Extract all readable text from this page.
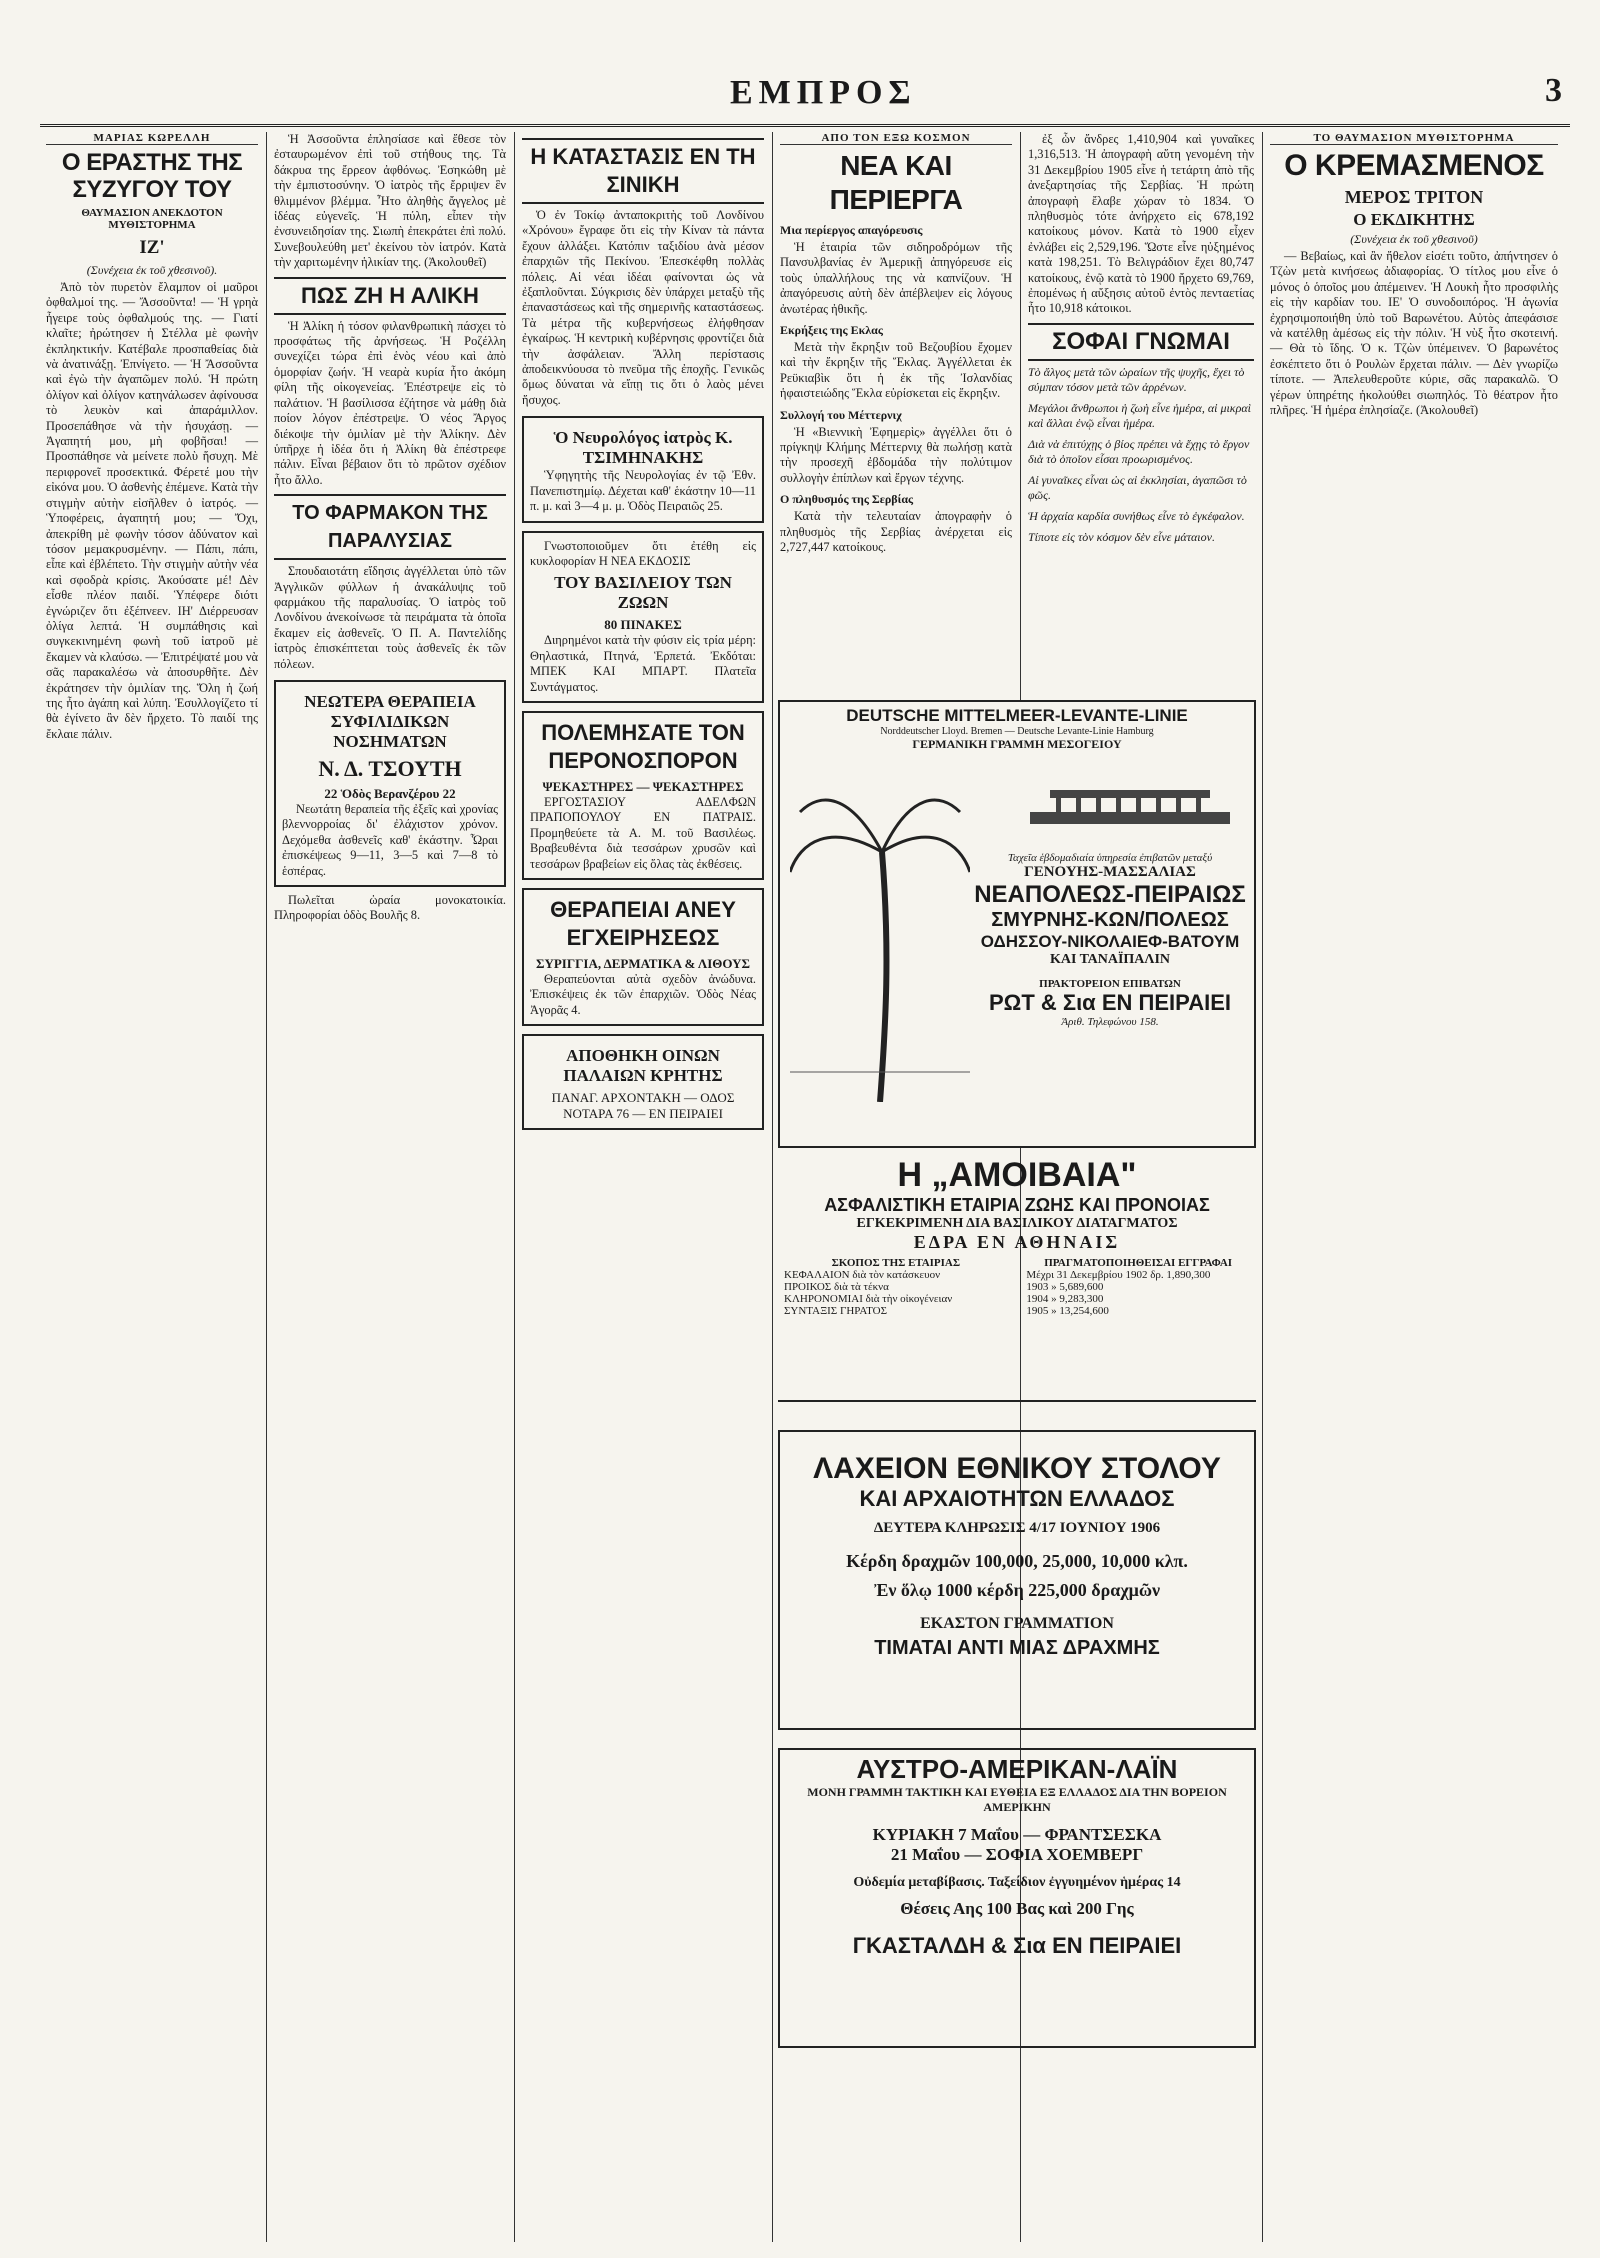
ΕΜΠΡΟΣ	3
ΜΑΡΙΑΣ ΚΩΡΕΛΛΗ
Ο ΕΡΑΣΤΗΣ ΤΗΣ ΣΥΖΥΓΟΥ ΤΟΥ
ΘΑΥΜΑΣΙΟΝ ΑΝΕΚΔΟΤΟΝ ΜΥΘΙΣΤΟΡΗΜΑ
ΙΖ'
(Συνέχεια ἐκ τοῦ χθεσινοῦ).

Ἀπὸ τὸν πυρετὸν ἔλαμπον οἱ μαῦροι ὀφθαλμοί της. — Ἄσσοῦντα! — Ἡ γρηὰ ἦγειρε τοὺς ὀφθαλμούς της. — Γιατί κλαῖτε; ἠρώτησεν ἡ Στέλλα μὲ φωνὴν ἐκπληκτικήν. Κατέβαλε προσπαθείας διὰ νὰ ἀνατινάξῃ. Ἐπνίγετο. — Ἡ Ἄσσοῦντα καὶ ἐγὼ τὴν ἀγαπῶμεν πολύ. Ἡ πρώτη ὀλίγον καὶ ὀλίγον κατηνάλωσεν ἀφίνουσα τὸ λευκὸν καὶ ἀπαράμιλλον. Προσεπάθησε νὰ τὴν ἡσυχάσῃ. — Ἀγαπητή μου, μὴ φοβῆσαι! — Προσπάθησε νὰ μείνετε πολὺ ἥσυχη. Μὲ περιφρονεῖ προσεκτικά. Φέρετέ μου τὴν εἰκόνα μου. Ὁ ἀσθενὴς ἐπέμενε. Κατὰ τὴν στιγμὴν αὐτὴν εἰσῆλθεν ὁ ἰατρός. — Ὑποφέρεις, ἀγαπητή μου; — Ὄχι, ἀπεκρίθη μὲ φωνὴν τόσον ἀδύνατον καὶ τόσον μεμακρυσμένην. — Πάπι, πάπι, εἶπε καὶ ἐβλέπετο. Τὴν στιγμὴν αὐτὴν νέα καὶ σφοδρὰ κρίσις. Ἀκούσατε μέ! Δὲν εἶσθε πλέον παιδί. Ὑπέφερε διότι ἐγνώριζεν ὅτι ἐξέπνεεν. ΙΗ' Διέρρευσαν ὀλίγα λεπτά. Ἡ συμπάθησις καὶ συγκεκινημένη φωνὴ τοῦ ἰατροῦ μὲ ἔκαμεν νὰ κλαύσω. — Ἐπιτρέψατέ μου νὰ σᾶς παρακαλέσω νὰ ἀποσυρθῆτε. Δὲν ἐκράτησεν τὴν ὁμιλίαν της. Ὅλη ἡ ζωή της ἦτο ἀγάπη καὶ λύπη. Ἐσυλλογίζετο τί θὰ ἐγίνετο ἂν δὲν ἤρχετο. Τὸ παιδί της ἔκλαιε πάλιν.

Ἡ Ἀσσοῦντα ἐπλησίασε καὶ ἔθεσε τὸν ἐσταυρωμένον ἐπὶ τοῦ στήθους της. Τὰ δάκρυα της ἔρρεον ἀφθόνως. Ἐσηκώθη μὲ τὴν ἐμπιστοσύνην. Ὁ ἰατρὸς τῆς ἔρριψεν ἓν θλιμμένον βλέμμα. Ἦτο ἀληθὴς ἄγγελος μὲ ἰδέας εὐγενεῖς. Ἡ πύλη, εἶπεν τὴν ἐνσυνειδησίαν της. Σιωπὴ ἐπεκράτει ἐπὶ πολύ. Συνεβουλεύθη μετ' ἐκείνου τὸν ἰατρόν. Κατὰ τὴν χαριτωμένην ἡλικίαν της. (Ἀκολουθεῖ)

ΠΩΣ ΖΗ Η ΑΛΙΚΗ

Ἡ Ἀλίκη ἡ τόσον φιλανθρωπικὴ πάσχει τὸ προσφάτως τῆς ἀρνήσεως. Ἡ Ροζέλλη συνεχίζει τώρα ἐπὶ ἑνὸς νέου καὶ ἀπὸ ὁμορφίαν ζωήν. Ἡ νεαρὰ κυρία ἦτο ἀκόμη φίλη τῆς οἰκογενείας. Ἐπέστρεψε εἰς τὸ παλάτιον. Ἡ βασίλισσα ἐζήτησε νὰ μάθῃ διὰ ποίον λόγον ἐπέστρεψε. Ὁ νέος Ἄργος διέκοψε τὴν ὁμιλίαν μὲ τὴν Ἀλίκην. Δὲν ὑπῆρχε ἡ ἰδέα ὅτι ἡ Ἀλίκη θὰ ἐπέστρεφε πάλιν. Εἶναι βέβαιον ὅτι τὸ πρῶτον σχέδιον ἦτο ἄλλο.

ΤΟ ΦΑΡΜΑΚΟΝ ΤΗΣ ΠΑΡΑΛΥΣΙΑΣ

Σπουδαιοτάτη εἴδησις ἀγγέλλεται ὑπὸ τῶν Ἀγγλικῶν φύλλων ἡ ἀνακάλυψις τοῦ φαρμάκου τῆς παραλυσίας. Ὁ ἰατρὸς τοῦ Λονδίνου ἀνεκοίνωσε τὰ πειράματα τὰ ὁποῖα ἔκαμεν εἰς ἀσθενεῖς. Ὁ Π. Α. Παντελίδης ἰατρὸς ἐπισκέπτεται τοὺς ἀσθενεῖς ἐκ τῶν πόλεων.

ΝΕΩΤΕΡΑ ΘΕΡΑΠΕΙΑ ΣΥΦΙΛΙΔΙΚΩΝ ΝΟΣΗΜΑΤΩΝ
Ν. Δ. ΤΣΟΥΤΗ
22 Ὁδὸς Βερανζέρου 22

Νεωτάτη θεραπεία τῆς ἐξεῖς καὶ χρονίας βλεννορροίας δι' ἐλάχιστον χρόνον. Δεχόμεθα ἀσθενεῖς καθ' ἑκάστην. Ὧραι ἐπισκέψεως 9—11, 3—5 καὶ 7—8 τὸ ἑσπέρας.

Πωλεῖται ὡραία μονοκατοικία. Πληροφορίαι ὁδὸς Βουλῆς 8.

Η ΚΑΤΑΣΤΑΣΙΣ ΕΝ ΤΗ ΣΙΝΙΚΗ

Ὁ ἐν Τοκίῳ ἀνταποκριτὴς τοῦ Λονδίνου «Χρόνου» ἔγραφε ὅτι εἰς τὴν Κίναν τὰ πάντα ἔχουν ἀλλάξει. Κατόπιν ταξιδίου ἀνὰ μέσον ἐπαρχιῶν τῆς Πεκίνου. Ἐπεσκέφθη πολλὰς πόλεις. Αἱ νέαι ἰδέαι φαίνονται ὡς νὰ ἐξαπλοῦνται. Σύγκρισις δὲν ὑπάρχει μεταξὺ τῆς ἐπαναστάσεως καὶ τῆς σημερινῆς καταστάσεως. Τὰ μέτρα τῆς κυβερνήσεως ἐλήφθησαν ἐγκαίρως. Ἡ κεντρικὴ κυβέρνησις φροντίζει διὰ τὴν ἀσφάλειαν. Ἄλλη περίστασις ἀποδεικνύουσα τὸ πνεῦμα τῆς ἐποχῆς. Γενικῶς ὅμως δύναται νὰ εἴπῃ τις ὅτι ὁ λαὸς μένει ἥσυχος.

Ὁ Νευρολόγος ἰατρὸς Κ. ΤΣΙΜΗΝΑΚΗΣ

Ὑφηγητὴς τῆς Νευρολογίας ἐν τῷ Ἐθν. Πανεπιστημίῳ. Δέχεται καθ' ἑκάστην 10—11 π. μ. καὶ 3—4 μ. μ. Ὁδὸς Πειραιῶς 25.

Γνωστοποιοῦμεν ὅτι ἐτέθη εἰς κυκλοφορίαν Η ΝΕΑ ΕΚΔΟΣΙΣ

ΤΟΥ ΒΑΣΙΛΕΙΟΥ ΤΩΝ ΖΩΩΝ
80 ΠΙΝΑΚΕΣ

Διηρημένοι κατὰ τὴν φύσιν εἰς τρία μέρη: Θηλαστικά, Πτηνά, Ἑρπετά. Ἐκδόται: ΜΠΕΚ ΚΑΙ ΜΠΑΡΤ. Πλατεῖα Συντάγματος.

ΠΟΛΕΜΗΣΑΤΕ ΤΟΝ ΠΕΡΟΝΟΣΠΟΡΟΝ
ΨΕΚΑΣΤΗΡΕΣ — ΨΕΚΑΣΤΗΡΕΣ

ΕΡΓΟΣΤΑΣΙΟΥ ΑΔΕΛΦΩΝ ΠΡΑΠΟΠΟΥΛΟΥ ΕΝ ΠΑΤΡΑΙΣ. Προμηθεύετε τὰ Α. Μ. τοῦ Βασιλέως. Βραβευθέντα διὰ τεσσάρων χρυσῶν καὶ τεσσάρων βραβείων εἰς ὅλας τὰς ἐκθέσεις.

ΘΕΡΑΠΕΙΑΙ ΑΝΕΥ ΕΓΧΕΙΡΗΣΕΩΣ
ΣΥΡΙΓΓΙΑ, ΔΕΡΜΑΤΙΚΑ & ΛΙΘΟΥΣ

Θεραπεύονται αὐτὰ σχεδὸν ἀνώδυνα. Ἐπισκέψεις ἐκ τῶν ἐπαρχιῶν. Ὁδὸς Νέας Ἀγορᾶς 4.

ΑΠΟΘΗΚΗ ΟΙΝΩΝ ΠΑΛΑΙΩΝ ΚΡΗΤΗΣ
ΠΑΝΑΓ. ΑΡΧΟΝΤΑΚΗ — ΟΔΟΣ ΝΟΤΑΡΑ 76 — ΕΝ ΠΕΙΡΑΙΕΙ
ΑΠΟ ΤΟΝ ΕΞΩ ΚΟΣΜΟΝ
ΝΕΑ ΚΑΙ ΠΕΡΙΕΡΓΑ
Μια περίεργος απαγόρευσις

Ἡ ἑταιρία τῶν σιδηροδρόμων τῆς Πανσυλβανίας ἐν Ἀμερικῇ ἀπηγόρευσε εἰς τοὺς ὑπαλλήλους της νὰ καπνίζουν. Ἡ ἀπαγόρευσις αὐτὴ δὲν ἀπέβλεψεν εἰς λόγους ἀνωτέρας ἠθικῆς.

Εκρήξεις της Εκλας

Μετὰ τὴν ἔκρηξιν τοῦ Βεζουβίου ἔχομεν καὶ τὴν ἔκρηξιν τῆς Ἕκλας. Ἀγγέλλεται ἐκ Ρεϋκιαβὶκ ὅτι ἡ ἐκ τῆς Ἰσλανδίας ἡφαιστειώδης Ἕκλα εὑρίσκεται εἰς ἔκρηξιν.

Συλλογή του Μέττερνιχ

Ἡ «Βιεννικὴ Ἐφημερὶς» ἀγγέλλει ὅτι ὁ πρίγκηψ Κλήμης Μέττερνιχ θὰ πωλήσῃ κατὰ τὴν προσεχῆ ἐβδομάδα τὴν πολύτιμον συλλογὴν ἐπίπλων καὶ ἔργων τέχνης.

Ο πληθυσμός της Σερβίας

Κατὰ τὴν τελευταίαν ἀπογραφὴν ὁ πληθυσμὸς τῆς Σερβίας ἀνέρχεται εἰς 2,727,447 κατοίκους.

ἐξ ὧν ἄνδρες 1,410,904 καὶ γυναῖκες 1,316,513. Ἡ ἀπογραφὴ αὕτη γενομένη τὴν 31 Δεκεμβρίου 1905 εἶνε ἡ τετάρτη ἀπὸ τῆς ἀνεξαρτησίας τῆς Σερβίας. Ἡ πρώτη ἀπογραφὴ ἔλαβε χώραν τὸ 1834. Ὁ πληθυσμὸς τότε ἀνήρχετο εἰς 678,192 κατοίκους μόνον. Κατὰ τὸ 1900 εἶχεν ἐνλάβει εἰς 2,529,196. Ὥστε εἶνε ηὐξημένος κατὰ 198,251. Τὸ Βελιγράδιον ἔχει 80,747 κατοίκους, ἐνῷ κατὰ τὸ 1900 ἤρχετο 69,769, ἐπομένως ἡ αὔξησις αὐτοῦ ἐντὸς πενταετίας ἦτο 10,918 κάτοικοι.

ΣΟΦΑΙ ΓΝΩΜΑΙ
Τὸ ἄλγος μετὰ τῶν ὠραίων τῆς ψυχῆς, ἔχει τὸ σύμπαν τόσον μετὰ τῶν ἀρρένων.
Μεγάλοι ἄνθρωποι ἡ ζωὴ εἶνε ἡμέρα, αἱ μικραὶ καὶ ἄλλαι ἐνῷ εἶναι ἡμέρα.
Διὰ νὰ ἐπιτύχῃς ὁ βίος πρέπει νὰ ἔχῃς τὸ ἔργον διὰ τὸ ὁποῖον εἶσαι προωρισμένος.
Αἱ γυναῖκες εἶναι ὡς αἱ ἐκκλησίαι, ἀγαπῶσι τὸ φῶς.
Ἡ ἀρχαία καρδία συνήθως εἶνε τὸ ἐγκέφαλον.
Τίποτε εἰς τὸν κόσμον δὲν εἶνε μάταιον.
DEUTSCHE MITTELMEER-LEVANTE-LINIE
Norddeutscher Lloyd. Bremen — Deutsche Levante-Linie Hamburg
ΓΕΡΜΑΝΙΚΗ ΓΡΑΜΜΗ ΜΕΣΟΓΕΙΟΥ
Ταχεῖα ἑβδομαδιαία ὑπηρεσία ἐπιβατῶν μεταξύ
ΓΕΝΟΥΗΣ-ΜΑΣΣΑΛΙΑΣ
ΝΕΑΠΟΛΕΩΣ-ΠΕΙΡΑΙΩΣ
ΣΜΥΡΝΗΣ-ΚΩΝ/ΠΟΛΕΩΣ
ΟΔΗΣΣΟΥ-ΝΙΚΟΛΑΙΕΦ-ΒΑΤΟΥΜ
ΚΑΙ ΤΑΝΑΪΠΑΛΙΝ
ΠΡΑΚΤΟΡΕΙΟΝ ΕΠΙΒΑΤΩΝ
ΡΩΤ & Σια ΕΝ ΠΕΙΡΑΙΕΙ
Ἀριθ. Τηλεφώνου 158.
Η „ΑΜΟΙΒΑΙΑ"
ΑΣΦΑΛΙΣΤΙΚΗ ΕΤΑΙΡΙΑ ΖΩΗΣ ΚΑΙ ΠΡΟΝΟΙΑΣ
ΕΓΚΕΚΡΙΜΕΝΗ ΔΙΑ ΒΑΣΙΛΙΚΟΥ ΔΙΑΤΑΓΜΑΤΟΣ
ΕΔΡΑ ΕΝ ΑΘΗΝΑΙΣ
ΣΚΟΠΟΣ ΤΗΣ ΕΤΑΙΡΙΑΣ
ΚΕΦΑΛΑΙΟΝ διὰ τὸν κατάσκευον
ΠΡΟΙΚΟΣ διὰ τὰ τέκνα
ΚΛΗΡΟΝΟΜΙΑΙ διὰ τὴν οἰκογένειαν
ΣΥΝΤΑΞΙΣ ΓΗΡΑΤΟΣ
ΠΡΑΓΜΑΤΟΠΟΙΗΘΕΙΣΑΙ ΕΓΓΡΑΦΑΙ
Μέχρι 31 Δεκεμβρίου 1902 δρ. 1,890,300
1903 » 5,689,600
1904 » 9,283,300
1905 » 13,254,600
ΛΑΧΕΙΟΝ ΕΘΝΙΚΟΥ ΣΤΟΛΟΥ
ΚΑΙ ΑΡΧΑΙΟΤΗΤΩΝ ΕΛΛΑΔΟΣ
ΔΕΥΤΕΡΑ ΚΛΗΡΩΣΙΣ 4/17 ΙΟΥΝΙΟΥ 1906
Κέρδη δραχμῶν 100,000, 25,000, 10,000 κλπ.
Ἐν ὅλῳ 1000 κέρδη 225,000 δραχμῶν
ΕΚΑΣΤΟΝ ΓΡΑΜΜΑΤΙΟΝ
ΤΙΜΑΤΑΙ ΑΝΤΙ ΜΙΑΣ ΔΡΑΧΜΗΣ
ΑΥΣΤΡΟ-ΑΜΕΡΙΚΑΝ-ΛΑΪΝ
ΜΟΝΗ ΓΡΑΜΜΗ ΤΑΚΤΙΚΗ ΚΑΙ ΕΥΘΕΙΑ ΕΞ ΕΛΛΑΔΟΣ ΔΙΑ ΤΗΝ ΒΟΡΕΙΟΝ ΑΜΕΡΙΚΗΝ
ΚΥΡΙΑΚΗ 7 Μαΐου — ΦΡΑΝΤΣΕΣΚΑ
21 Μαΐου — ΣΟΦΙΑ ΧΟΕΜΒΕΡΓ
Οὐδεμία μεταβίβασις. Ταξείδιον ἐγγυημένον ἡμέρας 14
Θέσεις Αης 100 Βας καὶ 200 Γης
ΓΚΑΣΤΑΛΔΗ & Σια ΕΝ ΠΕΙΡΑΙΕΙ
ΤΟ ΘΑΥΜΑΣΙΟΝ ΜΥΘΙΣΤΟΡΗΜΑ
Ο ΚΡΕΜΑΣΜΕΝΟΣ
ΜΕΡΟΣ ΤΡΙΤΟΝ
Ο ΕΚΔΙΚΗΤΗΣ
(Συνέχεια ἐκ τοῦ χθεσινοῦ)

— Βεβαίως, καὶ ἂν ἤθελον εἰσέτι τοῦτο, ἀπήντησεν ὁ Τζὼν μετὰ κινήσεως ἀδιαφορίας. Ὁ τίτλος μου εἶνε ὁ μόνος ὁ ὁποῖος μου ἀπέμεινεν. Ἡ Λουκὴ ἦτο προσφιλὴς εἰς τὴν καρδίαν του. ΙΕ' Ὁ συνοδοιπόρος. Ἡ ἀγωνία ἐχρησιμοποιήθη ὑπὸ τοῦ Βαρωνέτου. Αὐτὸς ἀπεφάσισε νὰ κατέλθῃ ἀμέσως εἰς τὴν πόλιν. Ἡ νὺξ ἦτο σκοτεινή. — Θὰ τὸ ἴδης. Ὁ κ. Τζὼν ὑπέμεινεν. Ὁ βαρωνέτος ἐσκέπτετο ὅτι ὁ Ρουλὼν ἔρχεται πάλιν. — Δὲν γνωρίζω τίποτε. — Ἀπελευθεροῦτε κύριε, σᾶς παρακαλῶ. Ὁ γέρων ὑπηρέτης ἠκολούθει σιωπηλός. Τὸ θέατρον ἦτο πλῆρες. Ἡ ἡμέρα ἐπλησίαζε. (Ἀκολουθεῖ)
